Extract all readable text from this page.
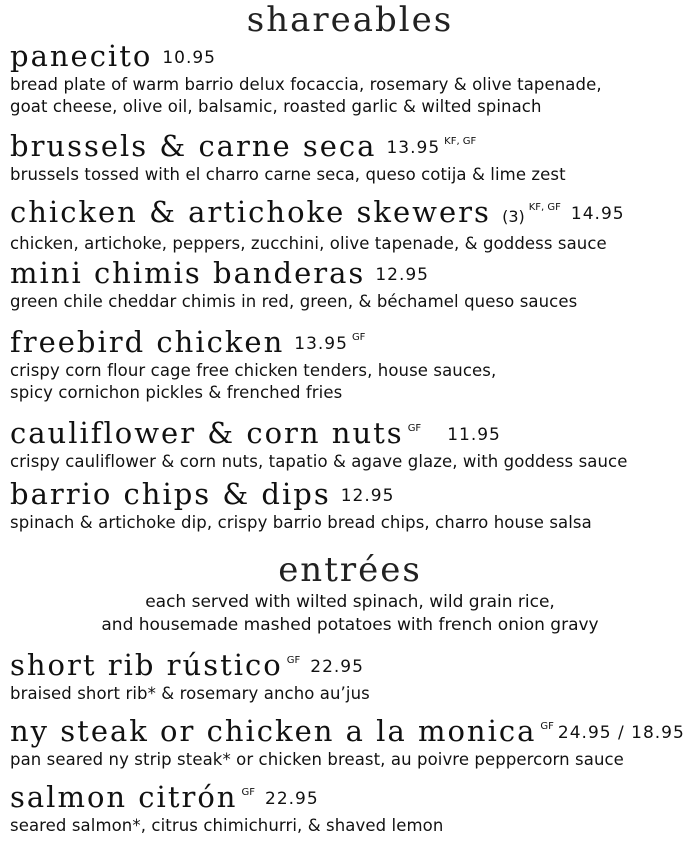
shareables
panecito 10.95
bread plate of warm barrio delux focaccia, rosemary & olive tapenade,
goat cheese, olive oil, balsamic, roasted garlic & wilted spinach
brussels & carne seca 13.95 $^{KF, GF}$
brussels tossed with el charro carne seca, queso cotija & lime zest
chicken & artichoke skewers (3) $^{KF, GF}$ 14.95
chicken, artichoke, peppers, zucchini, olive tapenade, & goddess sauce
mini chimis banderas 12.95
green chile cheddar chimis in red, green, & béchamel queso sauces
freebird chicken 13.95 $^{GF}$
crispy corn flour cage free chicken tenders, house sauces,
spicy cornichon pickles & frenched fries
cauliflower & corn nuts $^{GF}$ 11.95
crispy cauliflower & corn nuts, tapatio & agave glaze, with goddess sauce
barrio chips & dips 12.95
spinach & artichoke dip, crispy barrio bread chips, charro house salsa
entrées
each served with wilted spinach, wild grain rice,
and housemade mashed potatoes with french onion gravy
short rib rústico $^{GF}$ 22.95
braised short rib* & rosemary ancho au’jus
ny steak or chicken a la monica $^{GF}$ 24.95 / 18.95
pan seared ny strip steak* or chicken breast, au poivre peppercorn sauce
salmon citrón $^{GF}$ 22.95
seared salmon*, citrus chimichurri, & shaved lemon
